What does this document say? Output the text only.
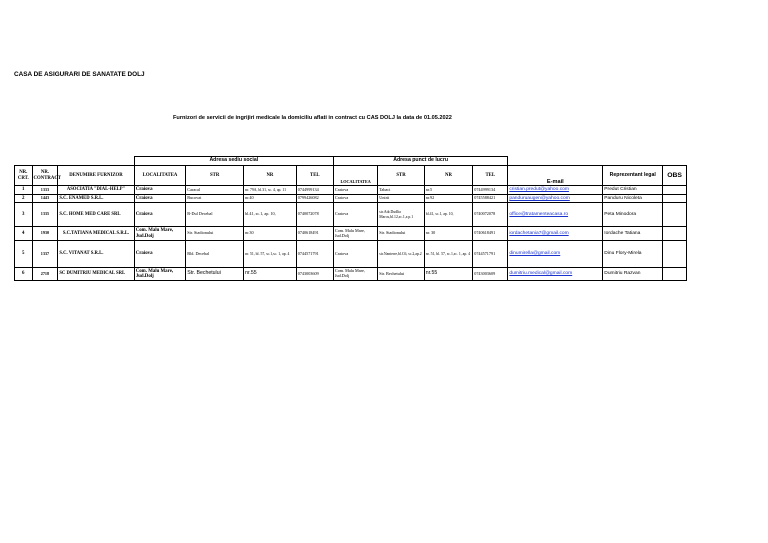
CASA DE ASIGURARI DE SANATATE DOLJ
Furnizori de servicii de ingrijiri medicale la domiciliu aflati in contract cu CAS DOLJ la data de 01.05.2022
			Adresa sediu social				Adresa punct de lucru						
NR. CRT.	NR. CONTRACT	DENUMIRE FURNIZOR	LOCALITATEA	STR	NR	TEL	LOCALITATEA	STR	NR	TEL	E-mail	Reprezentant legal	OBS
1	1333	ASOCIATIA "DIAL-HELP"	Craiova	Caracal	nr. 79A, bl.31, sc. 4, ap. 11	0744999134	Craiova	Tabaci	nr.5	0744999134	cristian.predut@yahoo.com	Predut Cristian	
2	1443	S.C. ENAMED S.R.L.	Craiova	Bucovat	nr.40	0799426082	Craiova	Unirii	nr.92	0745588421	panduruaugen@yahoo.com	Panduru Nicoleta	
3	1335	S.C. HOME MED CARE SRL	Craiova	B-Dul Decebal	bl.41, sc.1, ap. 10,	0740072078	Craiova	str.Adr.Dudlia Marcu,bl.12,sc.1,a p.1	bl.41, sc.1, ap. 10,	0740072078	office@tratamenteacasa.ro	Peta Minodora	
4	1930	S.C.TATIANA MEDICAL S.R.L.	Com. Malu Mare, Jud.Dolj	Str. Stadionului	nr.30	0740618491	Com. Malu Mare, Jud.Dolj	Str. Stadionului	nr. 30	0740618491	iordachetania7@gmail.com	Iordache Tatiana	
5	1337	S.C. VITANAT S.R.L.	Craiova	Bld. Decebal	nr. 51, bl. 57, sc.1,sc. 1, ap. 4	0744571791	Craiova	str.Nanterre,bl.C6, sc.2,ap.2	nr. 51, bl. 57, sc.1,sc. 1, ap. 4	0744571791	dinumirella@gmail.com	Dinu Flory-Mirela	
6	2718	SC DUMITRIU MEDICAL SRL	Com. Malu Mare, Jud.Dolj	Str. Bechetului	nr.55	0743003609	Com. Malu Mare, Jud.Dolj	Str. Bechetului	nr.55	0743003609	dumitriu.medical@gmail.com	Dumitriu Razvan	
